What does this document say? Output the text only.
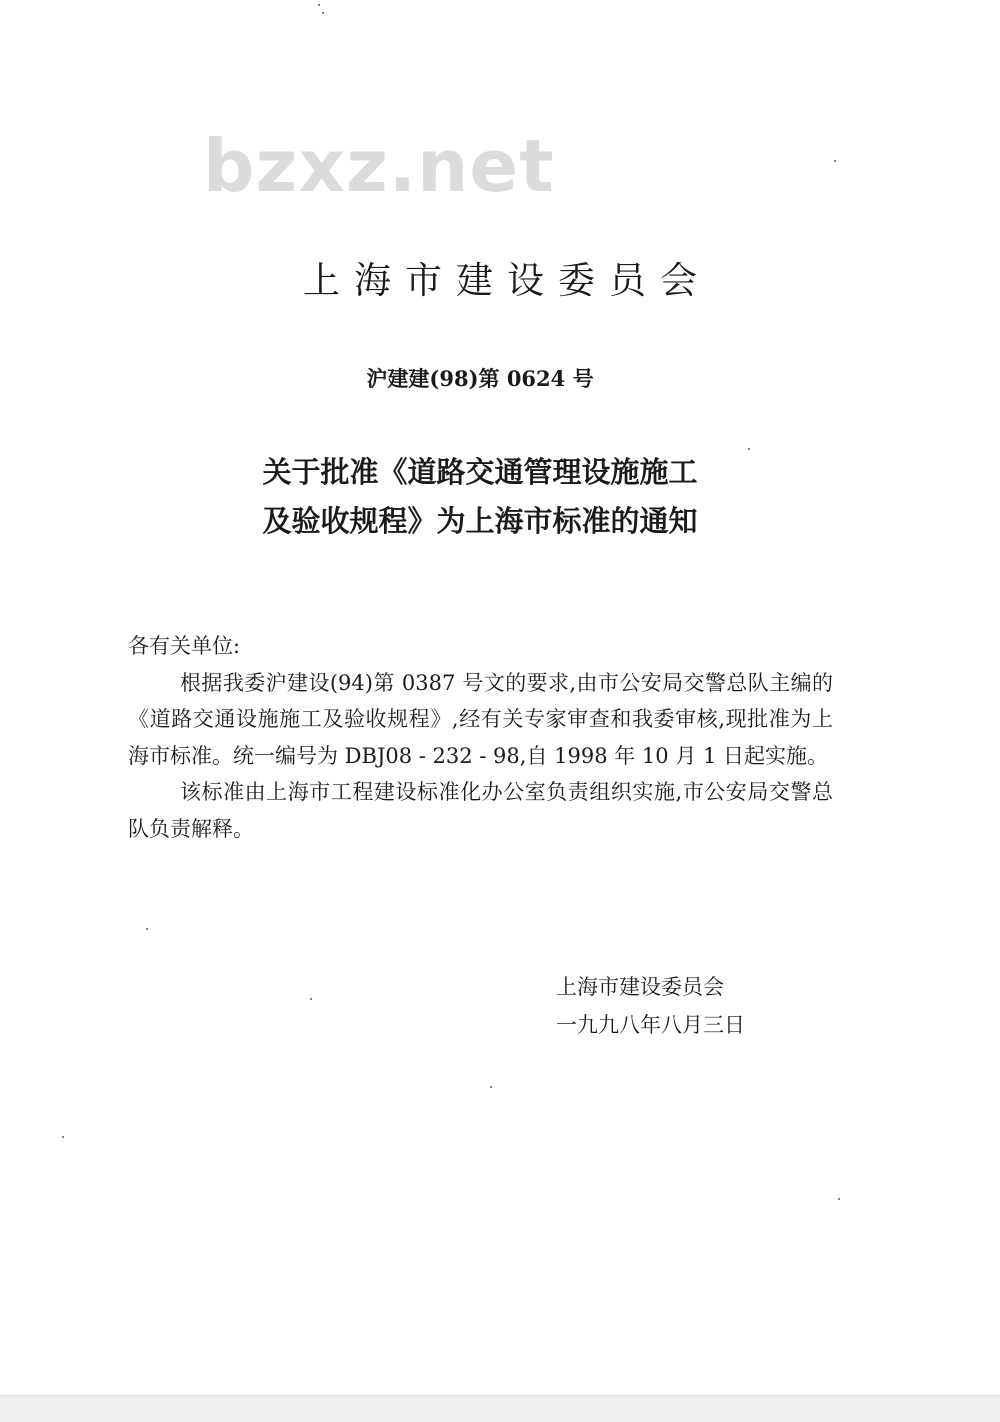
bzxz.net
上海市建设委员会
沪建建(98)第 0624 号
关于批准《道路交通管理设施施工
及验收规程》为上海市标准的通知

各有关单位:

根据我委沪建设(94)第 0387 号文的要求,由市公安局交警总队主编的《道路交通设施施工及验收规程》,经有关专家审查和我委审核,现批准为上海市标准。统一编号为 DBJ08 - 232 - 98,自 1998 年 10 月 1 日起实施。

该标准由上海市工程建设标准化办公室负责组织实施,市公安局交警总队负责解释。

上海市建设委员会
一九九八年八月三日
